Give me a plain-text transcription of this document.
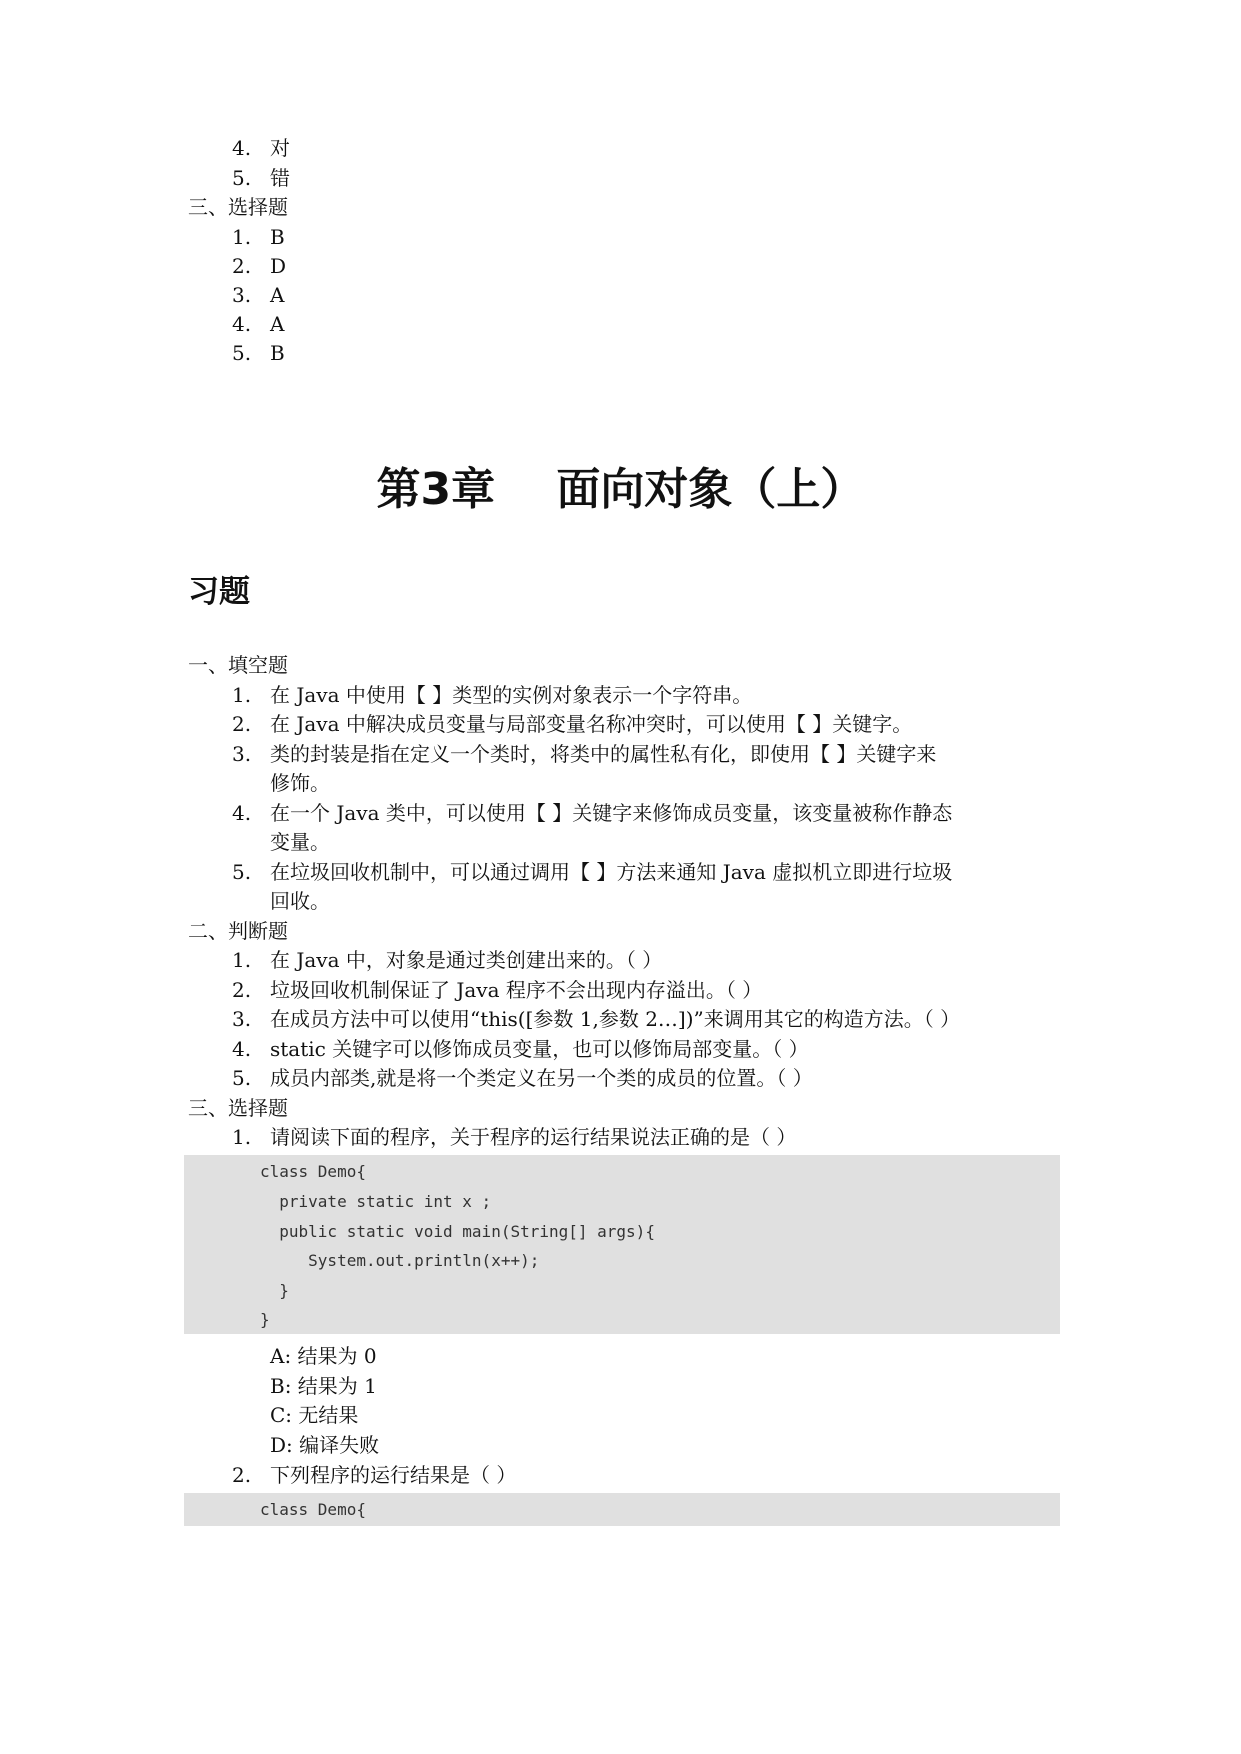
4. 对
5. 错
三、选择题
1. B
2. D
3. A
4. A
5. B
第3章    面向对象（上）
习题
一、填空题
1. 在 Java 中使用【 】类型的实例对象表示一个字符串。
2. 在 Java 中解决成员变量与局部变量名称冲突时，可以使用【 】关键字。
3. 类的封装是指在定义一个类时，将类中的属性私有化，即使用【 】关键字来
修饰。
4. 在一个 Java 类中，可以使用【 】关键字来修饰成员变量，该变量被称作静态
变量。
5. 在垃圾回收机制中，可以通过调用【 】方法来通知 Java 虚拟机立即进行垃圾
回收。
二、判断题
1. 在 Java 中，对象是通过类创建出来的。（ ）
2. 垃圾回收机制保证了 Java 程序不会出现内存溢出。（ ）
3. 在成员方法中可以使用“this([参数 1,参数 2…])”来调用其它的构造方法。（ ）
4. static 关键字可以修饰成员变量，也可以修饰局部变量。（ ）
5. 成员内部类,就是将一个类定义在另一个类的成员的位置。（ ）
三、选择题
1. 请阅读下面的程序，关于程序的运行结果说法正确的是（ ）
class Demo{
private static int x ;
public static void main(String[] args){
System.out.println(x++);
}
}
A: 结果为 0
B: 结果为 1
C: 无结果
D: 编译失败
2. 下列程序的运行结果是（ ）
class Demo{
